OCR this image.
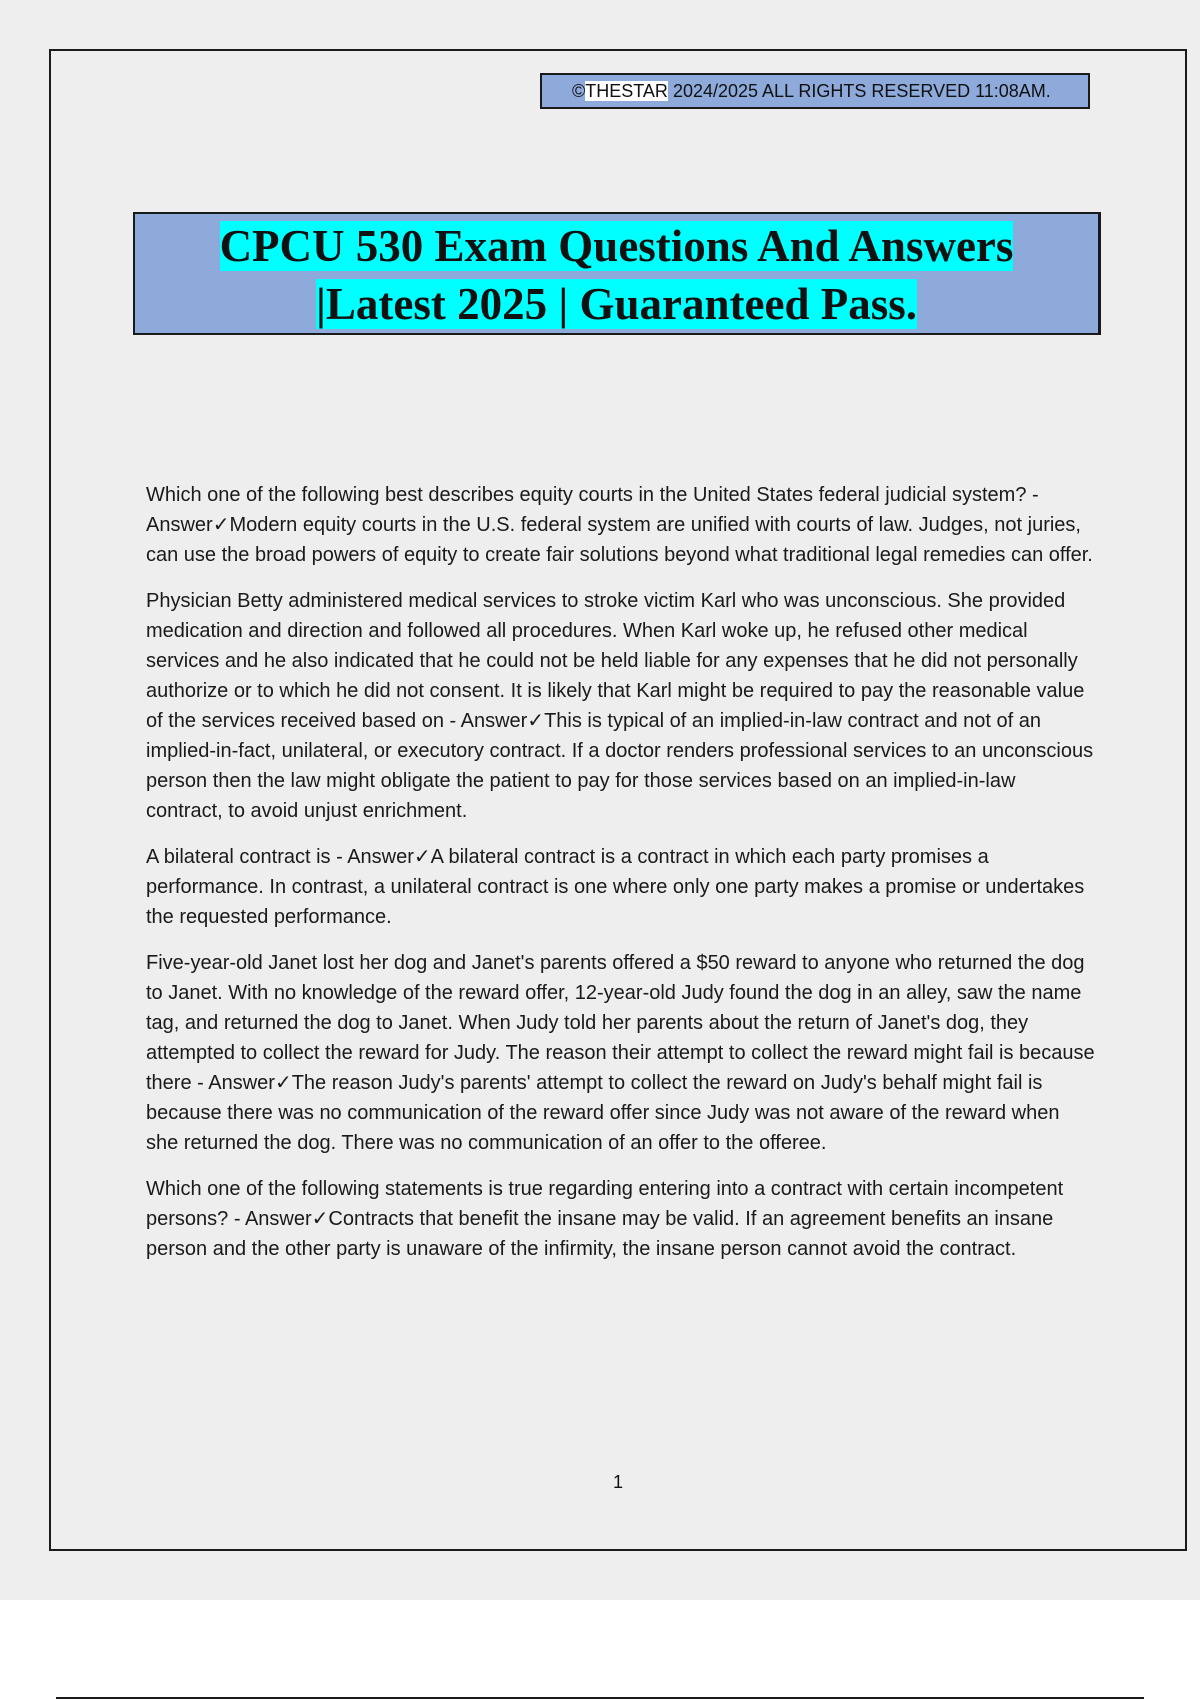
©THESTAR 2024/2025 ALL RIGHTS RESERVED 11:08AM.
CPCU 530 Exam Questions And Answers
|Latest 2025 | Guaranteed Pass.

Which one of the following best describes equity courts in the United States federal judicial system? - Answer✓Modern equity courts in the U.S. federal system are unified with courts of law. Judges, not juries, can use the broad powers of equity to create fair solutions beyond what traditional legal remedies can offer.

Physician Betty administered medical services to stroke victim Karl who was unconscious. She provided medication and direction and followed all procedures. When Karl woke up, he refused other medical services and he also indicated that he could not be held liable for any expenses that he did not personally authorize or to which he did not consent. It is likely that Karl might be required to pay the reasonable value of the services received based on - Answer✓This is typical of an implied-in-law contract and not of an implied-in-fact, unilateral, or executory contract. If a doctor renders professional services to an unconscious person then the law might obligate the patient to pay for those services based on an implied-in-law contract, to avoid unjust enrichment.

A bilateral contract is - Answer✓A bilateral contract is a contract in which each party promises a performance. In contrast, a unilateral contract is one where only one party makes a promise or undertakes the requested performance.

Five-year-old Janet lost her dog and Janet's parents offered a $50 reward to anyone who returned the dog to Janet. With no knowledge of the reward offer, 12-year-old Judy found the dog in an alley, saw the name tag, and returned the dog to Janet. When Judy told her parents about the return of Janet's dog, they attempted to collect the reward for Judy. The reason their attempt to collect the reward might fail is because there - Answer✓The reason Judy's parents' attempt to collect the reward on Judy's behalf might fail is because there was no communication of the reward offer since Judy was not aware of the reward when she returned the dog. There was no communication of an offer to the offeree.

Which one of the following statements is true regarding entering into a contract with certain incompetent persons? - Answer✓Contracts that benefit the insane may be valid. If an agreement benefits an insane person and the other party is unaware of the infirmity, the insane person cannot avoid the contract.

1
